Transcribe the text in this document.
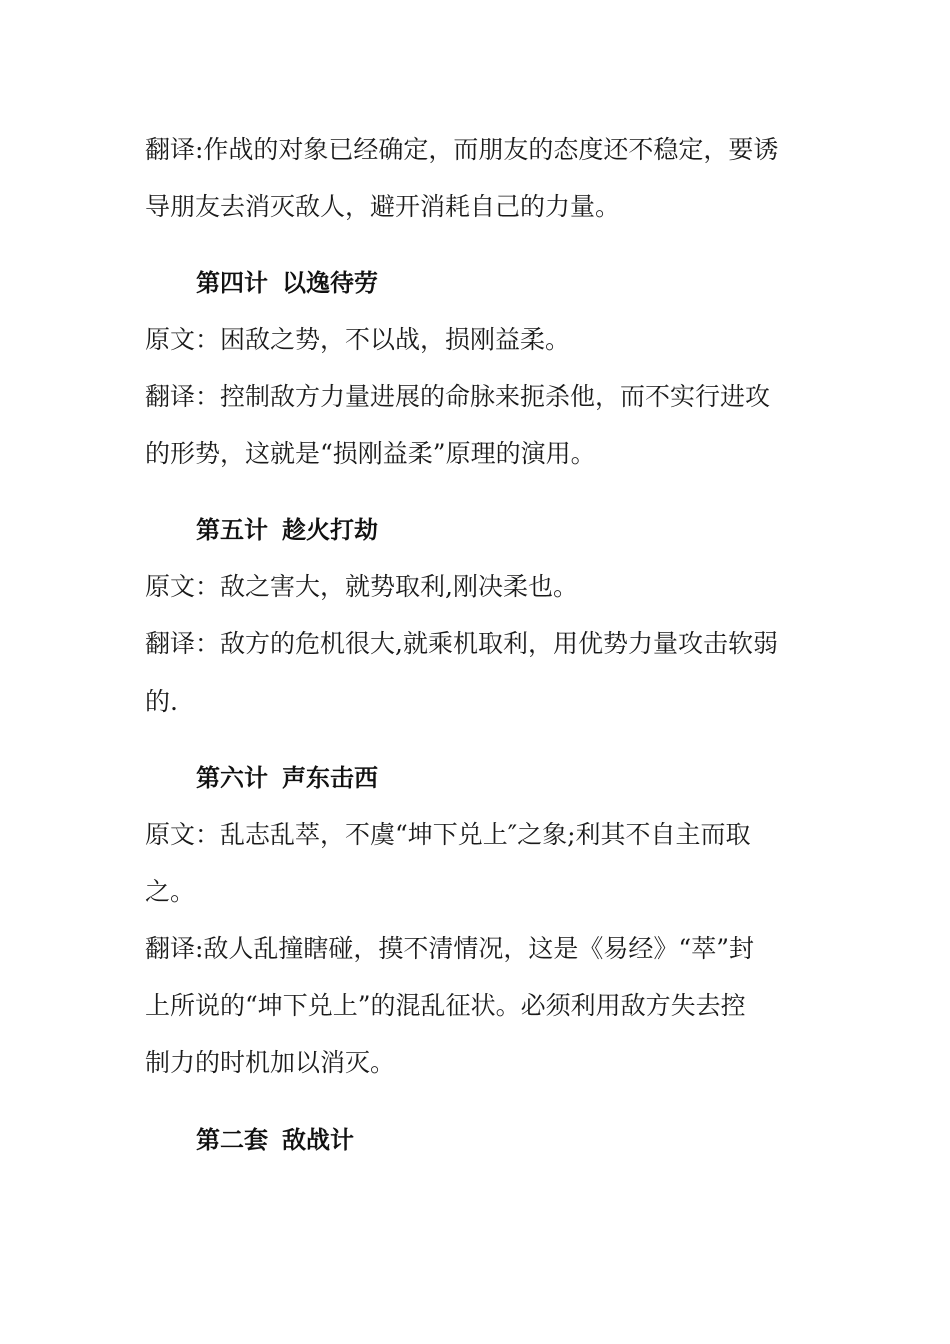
翻译:作战的对象已经确定，而朋友的态度还不稳定，要诱
导朋友去消灭敌人，避开消耗自己的力量。
第四计 以逸待劳
原文：困敌之势，不以战，损刚益柔。
翻译：控制敌方力量进展的命脉来扼杀他，而不实行进攻
的形势，这就是“损刚益柔”原理的演用。
第五计 趁火打劫
原文：敌之害大，就势取利,刚决柔也。
翻译：敌方的危机很大,就乘机取利，用优势力量攻击软弱
的.
第六计 声东击西
原文：乱志乱萃，不虞“坤下兑上″之象;利其不自主而取
之。
翻译:敌人乱撞瞎碰，摸不清情况，这是《易经》“萃”封
上所说的“坤下兑上”的混乱征状。必须利用敌方失去控
制力的时机加以消灭。
第二套 敌战计
